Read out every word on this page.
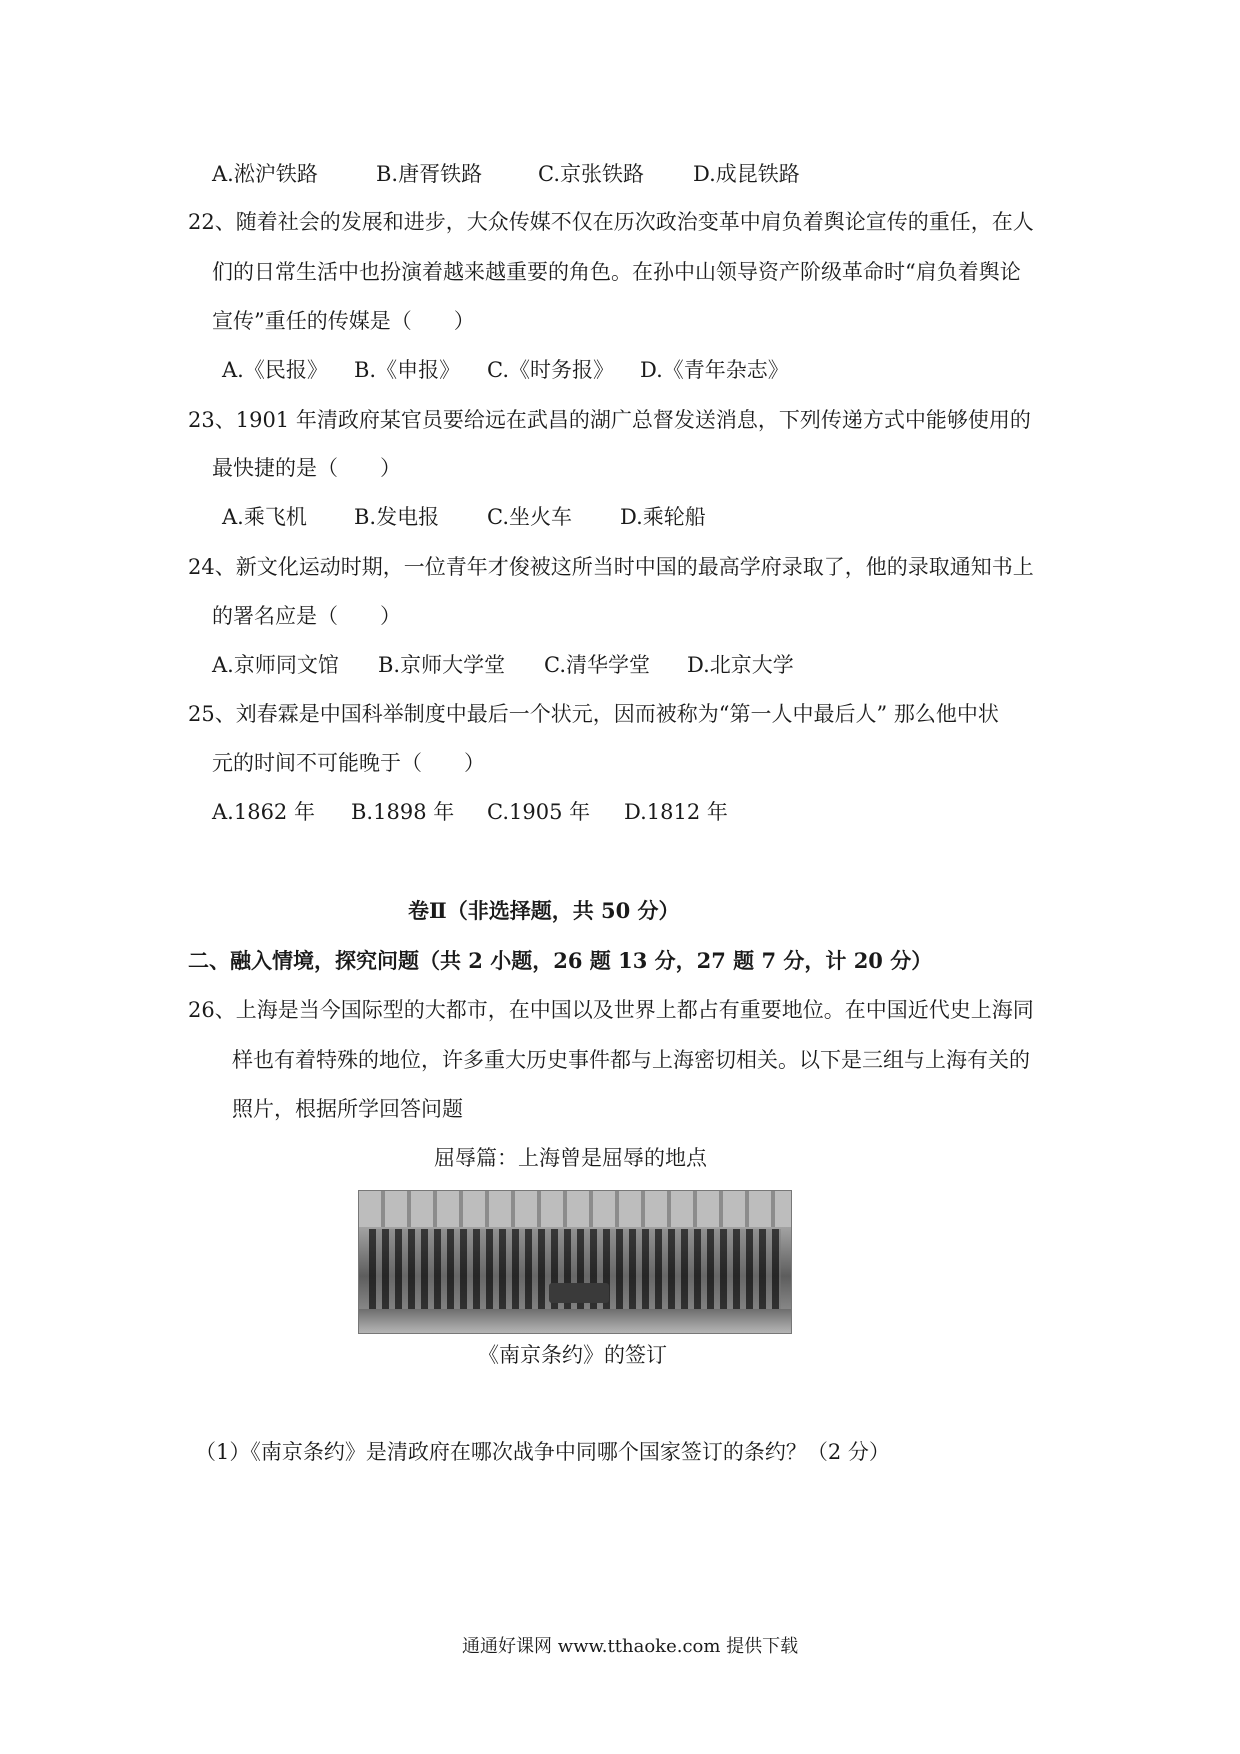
A.淞沪铁路	B.唐胥铁路	C.京张铁路 D.成昆铁路
22、随着社会的发展和进步，大众传媒不仅在历次政治变革中肩负着舆论宣传的重任，在人
们的日常生活中也扮演着越来越重要的角色。在孙中山领导资产阶级革命时“肩负着舆论
宣传”重任的传媒是（　　）
A.《民报》 B.《申报》 C.《时务报》 D.《青年杂志》
23、1901 年清政府某官员要给远在武昌的湖广总督发送消息，下列传递方式中能够使用的
最快捷的是（　　）
A.乘飞机 B.发电报 C.坐火车 D.乘轮船
24、新文化运动时期，一位青年才俊被这所当时中国的最高学府录取了，他的录取通知书上
的署名应是（　　）
A.京师同文馆 B.京师大学堂 C.清华学堂 D.北京大学
25、刘春霖是中国科举制度中最后一个状元，因而被称为“第一人中最后人” 那么他中状
元的时间不可能晚于（　　）
A.1862 年 B.1898 年 C.1905 年 D.1812 年
卷Ⅱ（非选择题，共 50 分）
二、融入情境，探究问题（共 2 小题，26 题 13 分，27 题 7 分，计 20 分）
26、上海是当今国际型的大都市，在中国以及世界上都占有重要地位。在中国近代史上海同
样也有着特殊的地位，许多重大历史事件都与上海密切相关。以下是三组与上海有关的
照片，根据所学回答问题
屈辱篇：上海曾是屈辱的地点
《南京条约》的签订
（1）《南京条约》是清政府在哪次战争中同哪个国家签订的条约？（2 分）
通通好课网 www.tthaoke.com 提供下载
